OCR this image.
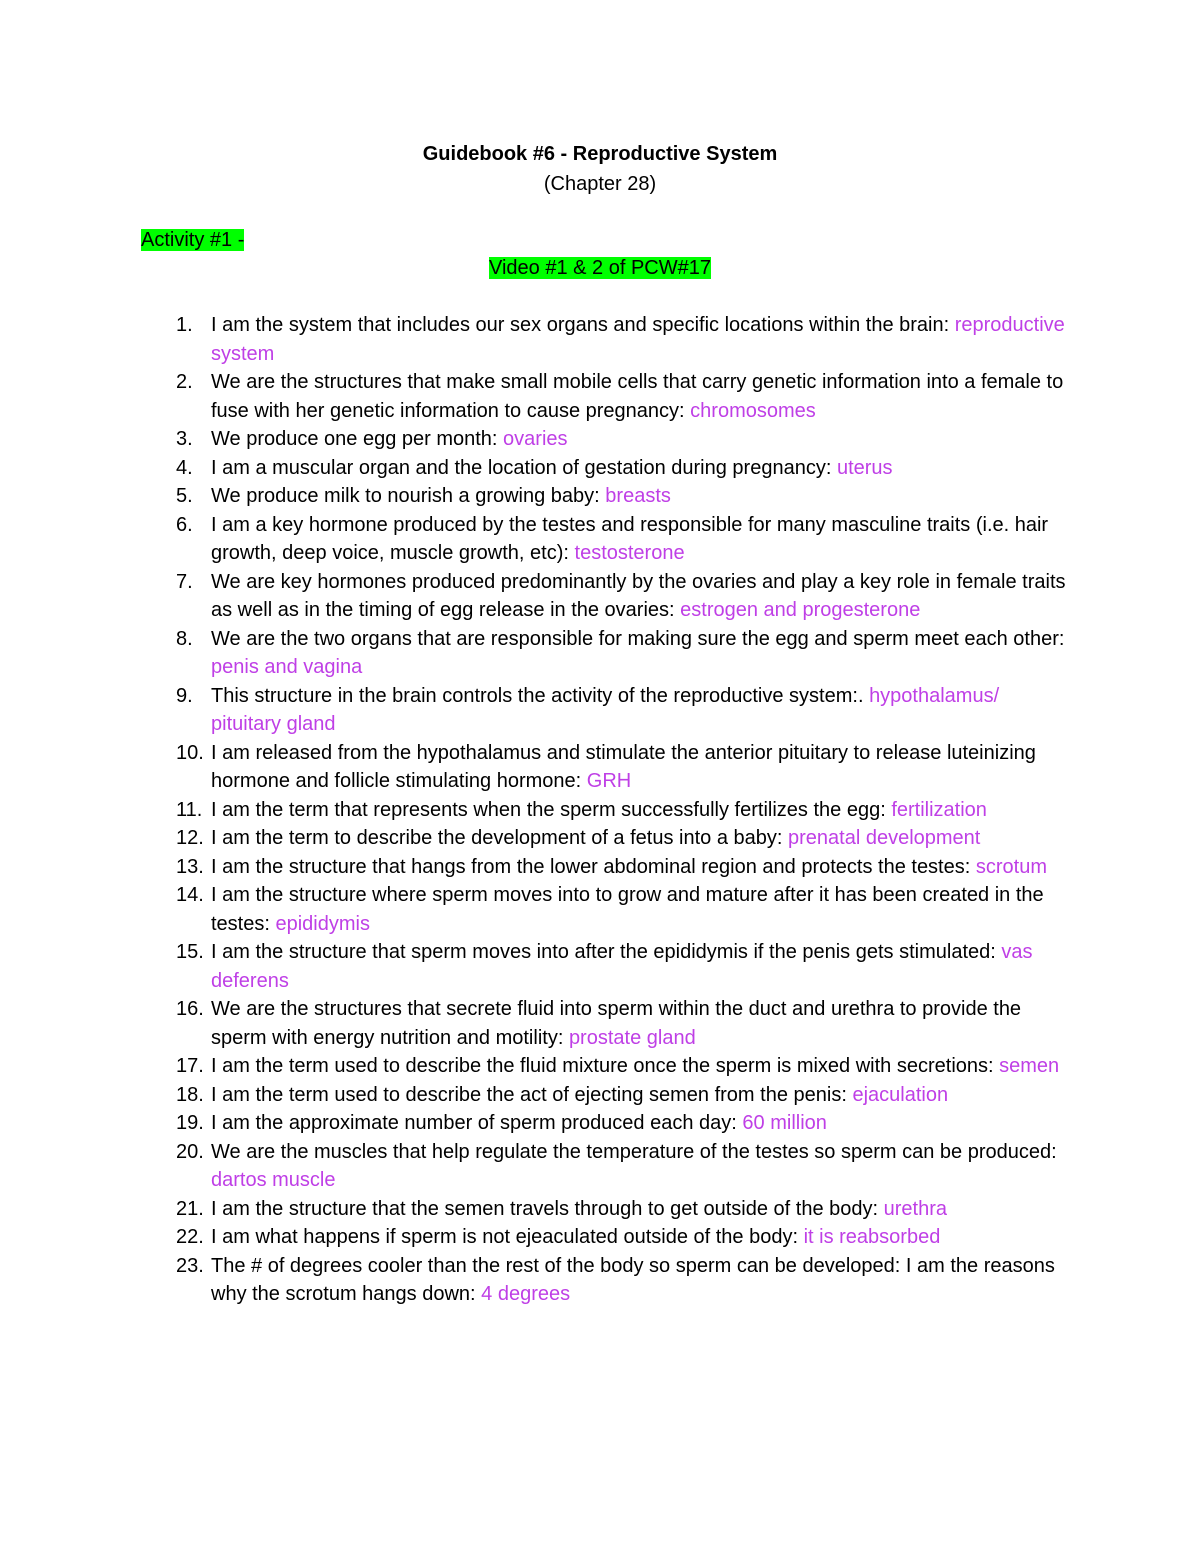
Guidebook #6 - Reproductive System
(Chapter 28)
Activity #1 -
Video #1 & 2 of PCW#17
1. I am the system that includes our sex organs and specific locations within the brain: reproductive system
2. We are the structures that make small mobile cells that carry genetic information into a female to fuse with her genetic information to cause pregnancy: chromosomes
3. We produce one egg per month: ovaries
4. I am a muscular organ and the location of gestation during pregnancy: uterus
5. We produce milk to nourish a growing baby: breasts
6. I am a key hormone produced by the testes and responsible for many masculine traits (i.e. hair growth, deep voice, muscle growth, etc): testosterone
7. We are key hormones produced predominantly by the ovaries and play a key role in female traits as well as in the timing of egg release in the ovaries: estrogen and progesterone
8. We are the two organs that are responsible for making sure the egg and sperm meet each other: penis and vagina
9. This structure in the brain controls the activity of the reproductive system:. hypothalamus/ pituitary gland
10. I am released from the hypothalamus and stimulate the anterior pituitary to release luteinizing hormone and follicle stimulating hormone: GRH
11. I am the term that represents when the sperm successfully fertilizes the egg: fertilization
12. I am the term to describe the development of a fetus into a baby: prenatal development
13. I am the structure that hangs from the lower abdominal region and protects the testes: scrotum
14. I am the structure where sperm moves into to grow and mature after it has been created in the testes: epididymis
15. I am the structure that sperm moves into after the epididymis if the penis gets stimulated: vas deferens
16. We are the structures that secrete fluid into sperm within the duct and urethra to provide the sperm with energy nutrition and motility: prostate gland
17. I am the term used to describe the fluid mixture once the sperm is mixed with secretions: semen
18. I am the term used to describe the act of ejecting semen from the penis: ejaculation
19. I am the approximate number of sperm produced each day: 60 million
20. We are the muscles that help regulate the temperature of the testes so sperm can be produced: dartos muscle
21. I am the structure that the semen travels through to get outside of the body: urethra
22. I am what happens if sperm is not ejeaculated outside of the body: it is reabsorbed
23. The # of degrees cooler than the rest of the body so sperm can be developed: I am the reasons why the scrotum hangs down: 4 degrees
